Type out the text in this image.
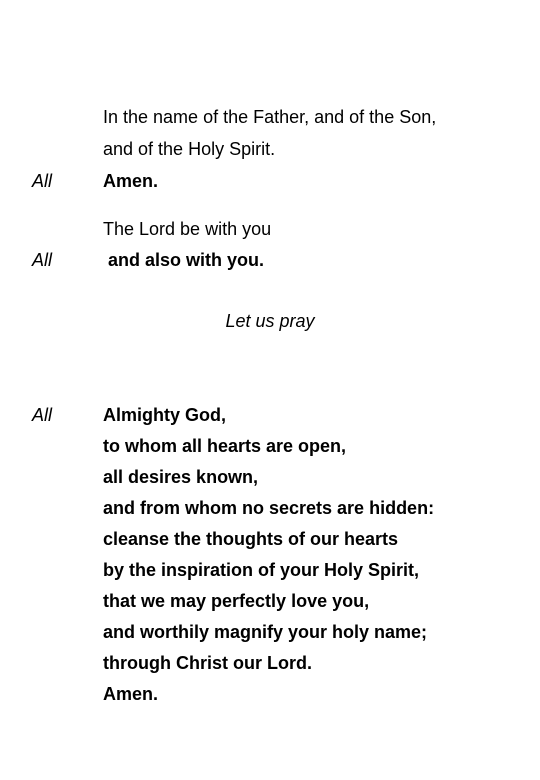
In the name of the Father, and of the Son,
and of the Holy Spirit.
All	Amen.
The Lord be with you
All	and also with you.
Let us pray
All	Almighty God,
to whom all hearts are open,
all desires known,
and from whom no secrets are hidden:
cleanse the thoughts of our hearts
by the inspiration of your Holy Spirit,
that we may perfectly love you,
and worthily magnify your holy name;
through Christ our Lord.
Amen.
